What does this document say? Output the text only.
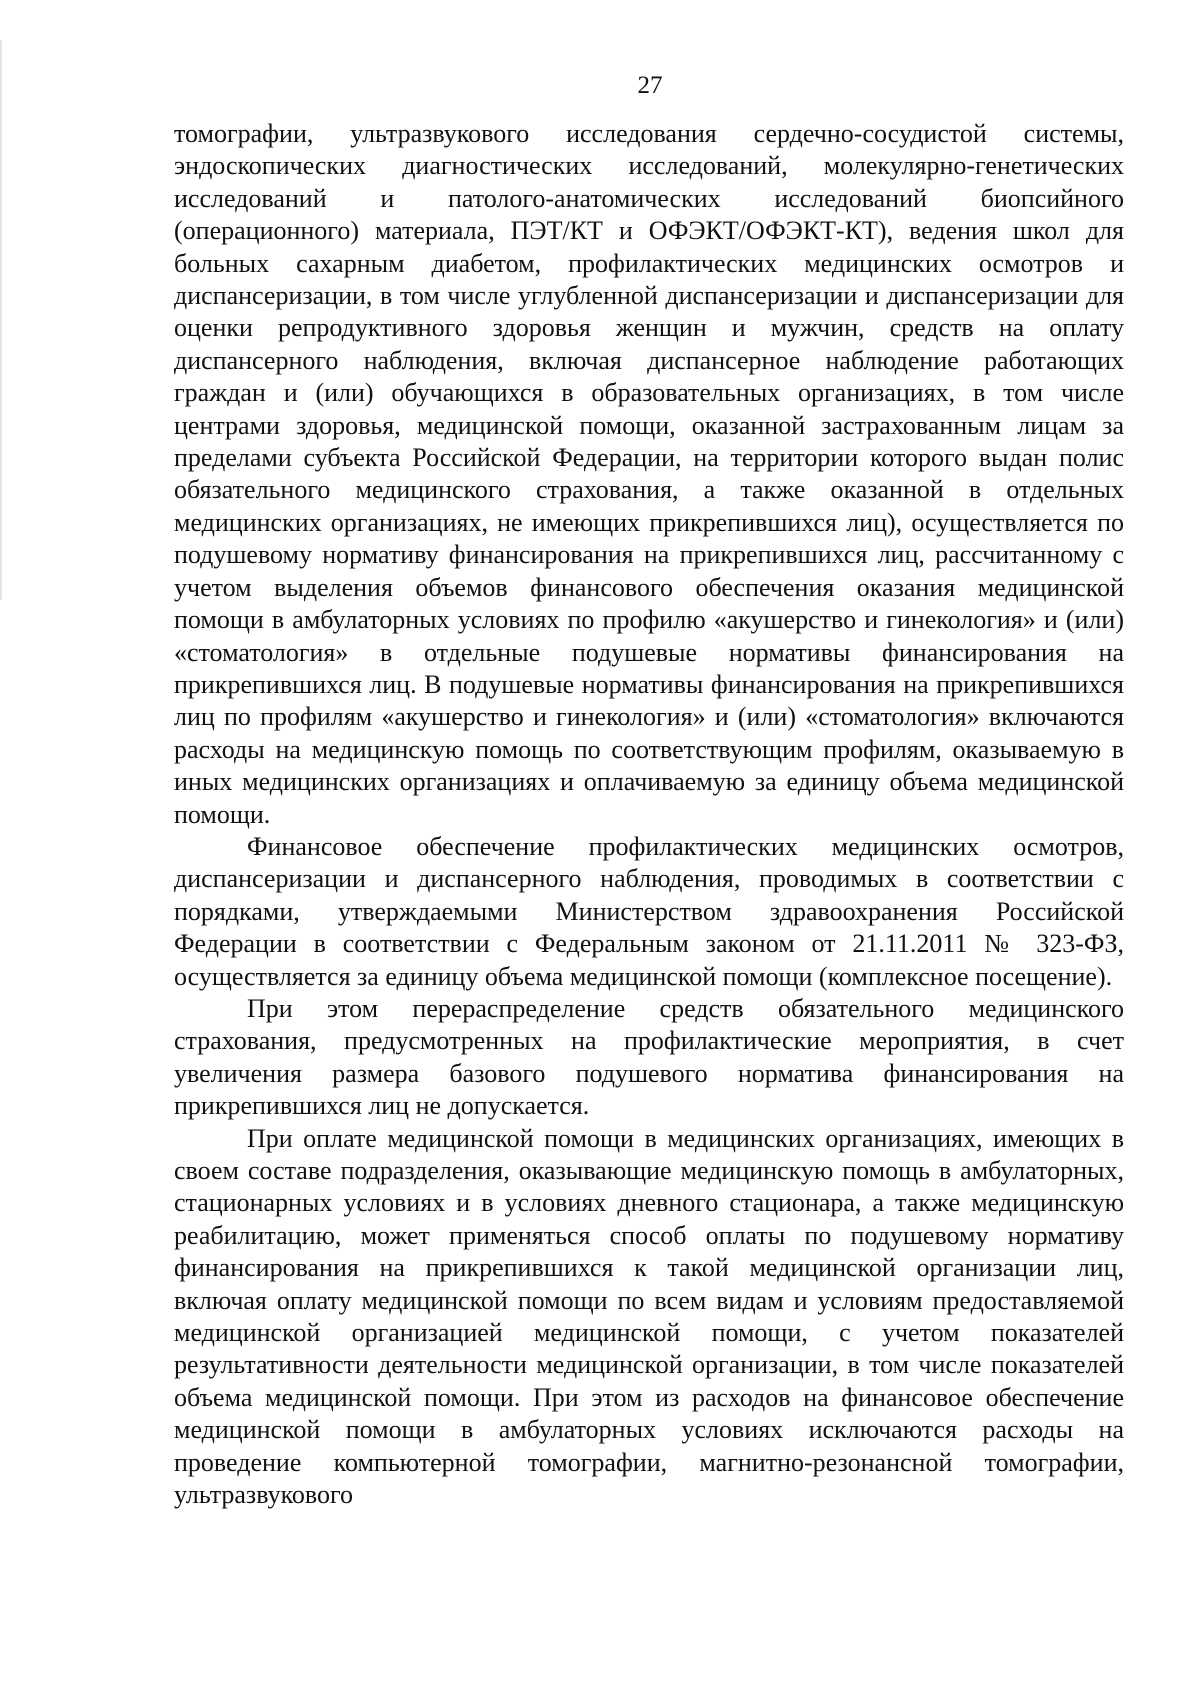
27

томографии, ультразвукового исследования сердечно-сосудистой системы, эндоскопических диагностических исследований, молекулярно-генетических исследований и патолого-анатомических исследований биопсийного (операционного) материала, ПЭТ/КТ и ОФЭКТ/ОФЭКТ-КТ), ведения школ для больных сахарным диабетом, профилактических медицинских осмотров и диспансеризации, в том числе углубленной диспансеризации и диспансеризации для оценки репродуктивного здоровья женщин и мужчин, средств на оплату диспансерного наблюдения, включая диспансерное наблюдение работающих граждан и (или) обучающихся в образовательных организациях, в том числе центрами здоровья, медицинской помощи, оказанной застрахованным лицам за пределами субъекта Российской Федерации, на территории которого выдан полис обязательного медицинского страхования, а также оказанной в отдельных медицинских организациях, не имеющих прикрепившихся лиц), осуществляется по подушевому нормативу финансирования на прикрепившихся лиц, рассчитанному с учетом выделения объемов финансового обеспечения оказания медицинской помощи в амбулаторных условиях по профилю «акушерство и гинекология» и (или) «стоматология» в отдельные подушевые нормативы финансирования на прикрепившихся лиц. В подушевые нормативы финансирования на прикрепившихся лиц по профилям «акушерство и гинекология» и (или) «стоматология» включаются расходы на медицинскую помощь по соответствующим профилям, оказываемую в иных медицинских организациях и оплачиваемую за единицу объема медицинской помощи.

Финансовое обеспечение профилактических медицинских осмотров, диспансеризации и диспансерного наблюдения, проводимых в соответствии с порядками, утверждаемыми Министерством здравоохранения Российской Федерации в соответствии с Федеральным законом от 21.11.2011 № 323-ФЗ, осуществляется за единицу объема медицинской помощи (комплексное посещение).

При этом перераспределение средств обязательного медицинского страхования, предусмотренных на профилактические мероприятия, в счет увеличения размера базового подушевого норматива финансирования на прикрепившихся лиц не допускается.

При оплате медицинской помощи в медицинских организациях, имеющих в своем составе подразделения, оказывающие медицинскую помощь в амбулаторных, стационарных условиях и в условиях дневного стационара, а также медицинскую реабилитацию, может применяться способ оплаты по подушевому нормативу финансирования на прикрепившихся к такой медицинской организации лиц, включая оплату медицинской помощи по всем видам и условиям предоставляемой медицинской организацией медицинской помощи, с учетом показателей результативности деятельности медицинской организации, в том числе показателей объема медицинской помощи. При этом из расходов на финансовое обеспечение медицинской помощи в амбулаторных условиях исключаются расходы на проведение компьютерной томографии, магнитно-резонансной томографии, ультразвукового
